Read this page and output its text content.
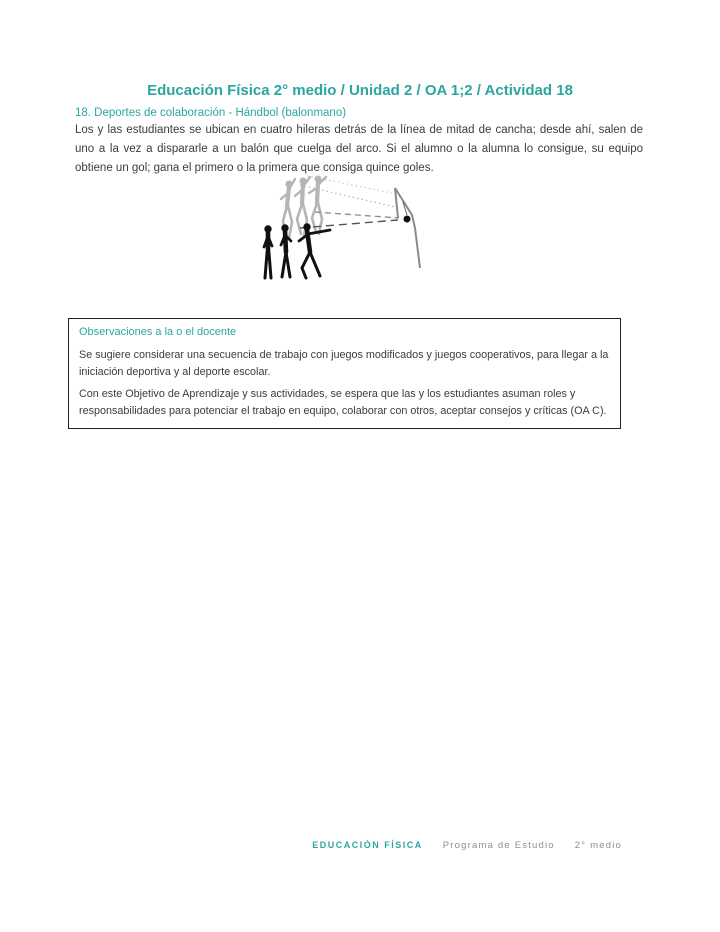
Educación Física 2° medio / Unidad 2 / OA 1;2 / Actividad 18
18. Deportes de colaboración - Hándbol (balonmano)

Los y las estudiantes se ubican en cuatro hileras detrás de la línea de mitad de cancha; desde ahí, salen de uno a la vez a dispararle a un balón que cuelga del arco. Si el alumno o la alumna lo consigue, su equipo obtiene un gol; gana el primero o la primera que consiga quince goles.

Observaciones a la o el docente

Se sugiere considerar una secuencia de trabajo con juegos modificados y juegos cooperativos, para llegar a la iniciación deportiva y al deporte escolar.

Con este Objetivo de Aprendizaje y sus actividades, se espera que las y los estudiantes asuman roles y responsabilidades para potenciar el trabajo en equipo, colaborar con otros, aceptar consejos y críticas (OA C).

EDUCACIÓN FÍSICA Programa de Estudio 2° medio
